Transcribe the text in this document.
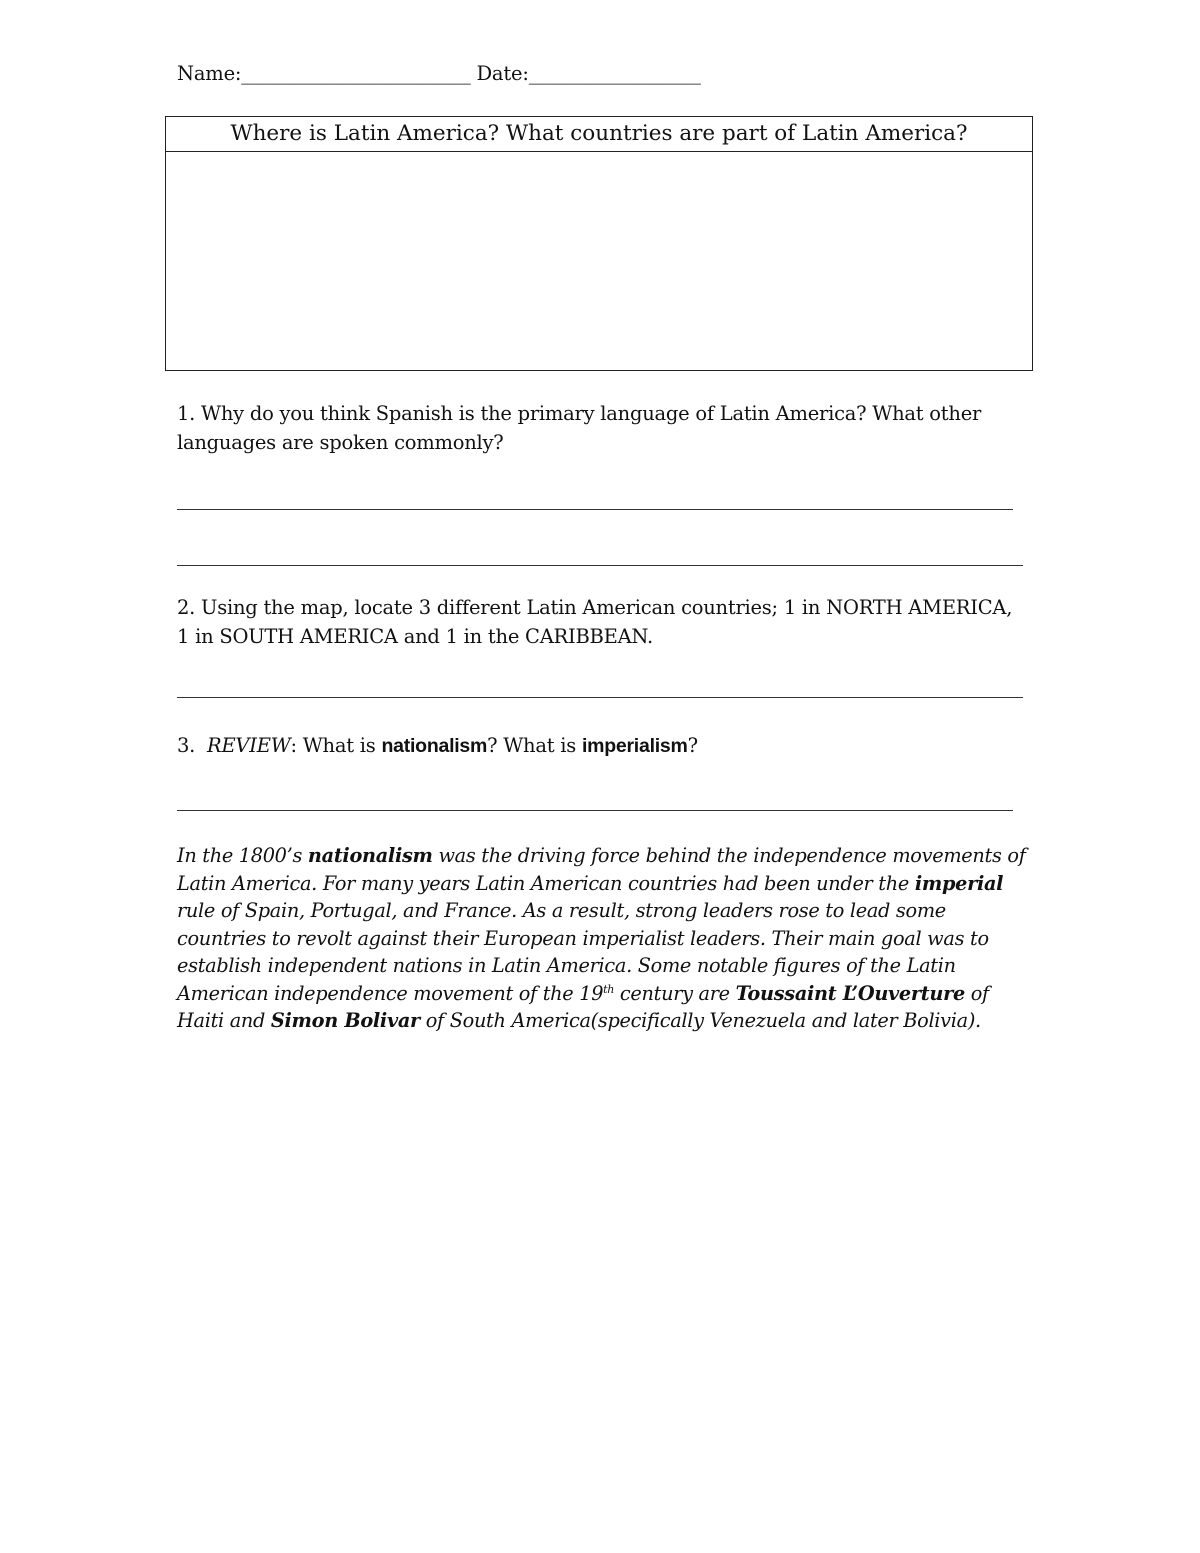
Name:________________________ Date:__________________
Where is Latin America? What countries are part of Latin America?

1. Why do you think Spanish is the primary language of Latin America? What other languages are spoken commonly?

2. Using the map, locate 3 different Latin American countries; 1 in NORTH AMERICA, 1 in SOUTH AMERICA and 1 in the CARIBBEAN.

3. REVIEW: What is nationalism? What is imperialism?

In the 1800’s nationalism was the driving force behind the independence movements of Latin America. For many years Latin American countries had been under the imperial rule of Spain, Portugal, and France. As a result, strong leaders rose to lead some countries to revolt against their European imperialist leaders. Their main goal was to establish independent nations in Latin America. Some notable figures of the Latin American independence movement of the 19th century are Toussaint L’Ouverture of Haiti and Simon Bolivar of South America(specifically Venezuela and later Bolivia).
